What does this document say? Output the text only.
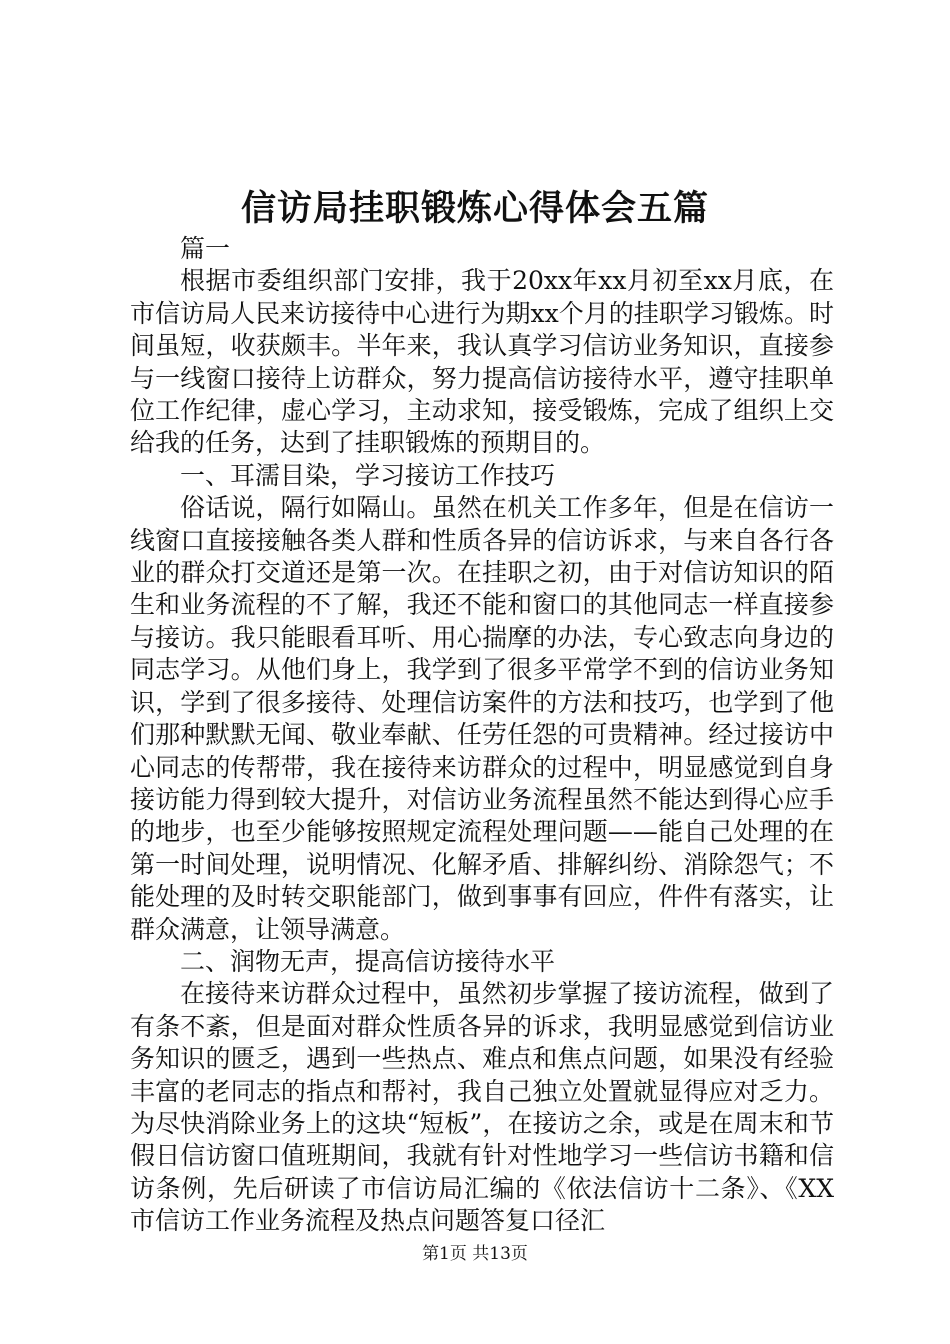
信访局挂职锻炼心得体会五篇

篇一

根据市委组织部门安排，我于20xx年xx月初至xx月底，在市信访局人民来访接待中心进行为期xx个月的挂职学习锻炼。时间虽短，收获颇丰。半年来，我认真学习信访业务知识，直接参与一线窗口接待上访群众，努力提高信访接待水平，遵守挂职单位工作纪律，虚心学习，主动求知，接受锻炼，完成了组织上交给我的任务，达到了挂职锻炼的预期目的。

一、耳濡目染，学习接访工作技巧

俗话说，隔行如隔山。虽然在机关工作多年，但是在信访一线窗口直接接触各类人群和性质各异的信访诉求，与来自各行各业的群众打交道还是第一次。在挂职之初，由于对信访知识的陌生和业务流程的不了解，我还不能和窗口的其他同志一样直接参与接访。我只能眼看耳听、用心揣摩的办法，专心致志向身边的同志学习。从他们身上，我学到了很多平常学不到的信访业务知识，学到了很多接待、处理信访案件的方法和技巧，也学到了他们那种默默无闻、敬业奉献、任劳任怨的可贵精神。经过接访中心同志的传帮带，我在接待来访群众的过程中，明显感觉到自身接访能力得到较大提升，对信访业务流程虽然不能达到得心应手的地步，也至少能够按照规定流程处理问题——能自己处理的在第一时间处理，说明情况、化解矛盾、排解纠纷、消除怨气；不能处理的及时转交职能部门，做到事事有回应，件件有落实，让群众满意，让领导满意。

二、润物无声，提高信访接待水平

在接待来访群众过程中，虽然初步掌握了接访流程，做到了有条不紊，但是面对群众性质各异的诉求，我明显感觉到信访业务知识的匮乏，遇到一些热点、难点和焦点问题，如果没有经验丰富的老同志的指点和帮衬，我自己独立处置就显得应对乏力。为尽快消除业务上的这块“短板”，在接访之余，或是在周末和节假日信访窗口值班期间，我就有针对性地学习一些信访书籍和信访条例，先后研读了市信访局汇编的《依法信访十二条》、《XX市信访工作业务流程及热点问题答复口径汇

第1页 共13页
